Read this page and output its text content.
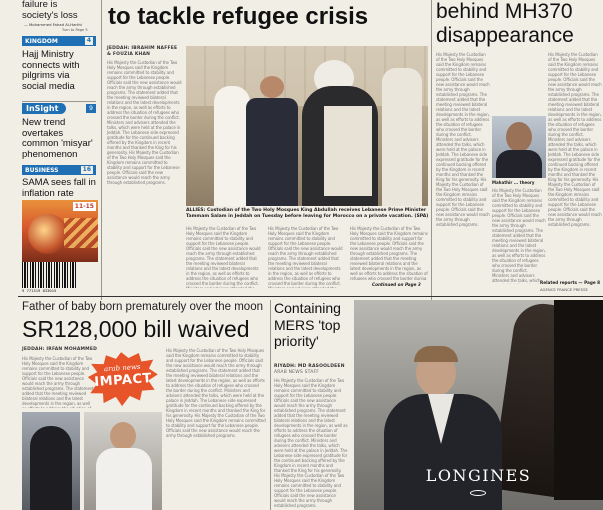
failure is
society's loss
— Mohammed Fahad Al-Harthi
Turn to Page 5
KINGDOM	4
Hajj Ministry
connects with
pilgrims via
social media
InSight	9
New trend
overtakes
common 'misyar'
phenomenon
BUSINESS	16
SAMA sees fall in
inflation rate
11-15
9 771319 833015
to tackle refugee crisis
JEDDAH: IBRAHIM NAFFEE
& FOUZIA KHAN
His Majesty the Custodian of the Two Holy Mosques said the Kingdom remains committed to stability and support for the Lebanese people. Officials said the new assistance would reach the army through established programs. The statement added that the meeting reviewed bilateral relations and the latest developments in the region, as well as efforts to address the situation of refugees who crossed the border during the conflict. Ministers and advisers attended the talks, which were held at the palace in Jeddah. The Lebanese side expressed gratitude for the continued backing offered by the Kingdom in recent months and thanked the King for his generosity. His Majesty the Custodian of the Two Holy Mosques said the Kingdom remains committed to stability and support for the Lebanese people. Officials said the new assistance would reach the army through established programs.
ALLIES: Custodian of the Two Holy Mosques King Abdullah receives Lebanese Prime Minister Tammam Salam in Jeddah on Tuesday before leaving for Morocco on a private vacation. (SPA)
His Majesty the Custodian of the Two Holy Mosques said the Kingdom remains committed to stability and support for the Lebanese people. Officials said the new assistance would reach the army through established programs. The statement added that the meeting reviewed bilateral relations and the latest developments in the region, as well as efforts to address the situation of refugees who crossed the border during the conflict. Ministers and advisers attended the talks, which were held at the palace in Jeddah. The Lebanese side expressed gratitude for the continued backing offered by the Kingdom in recent months and thanked the King for his generosity. His Majesty the Custodian of the Two Holy Mosques said the Kingdom remains committed to stability and support for the Lebanese people. Officials said the new assistance would reach the army through established programs.
His Majesty the Custodian of the Two Holy Mosques said the Kingdom remains committed to stability and support for the Lebanese people. Officials said the new assistance would reach the army through established programs. The statement added that the meeting reviewed bilateral relations and the latest developments in the region, as well as efforts to address the situation of refugees who crossed the border during the conflict. Ministers and advisers attended the talks, which were held at the palace in Jeddah. The Lebanese side expressed gratitude for the continued backing offered by the Kingdom in recent months and thanked the King for his generosity. His Majesty the Custodian of the Two Holy Mosques said the Kingdom remains committed to stability and support for the Lebanese people. Officials said the new assistance would reach the army through established programs.
His Majesty the Custodian of the Two Holy Mosques said the Kingdom remains committed to stability and support for the Lebanese people. Officials said the new assistance would reach the army through established programs. The statement added that the meeting reviewed bilateral relations and the latest developments in the region, as well as efforts to address the situation of refugees who crossed the border during the conflict. Ministers and advisers attended the talks, which were held at the palace in Jeddah. The Lebanese side expressed gratitude for the continued backing offered by the Kingdom in recent months and thanked the King for his generosity. His Majesty the Custodian of the Two Holy Mosques said the Kingdom remains committed to stability and support for the Lebanese people. Officials said the new assistance would reach the army through established programs.
Continued on Page 3
behind MH370
disappearance
His Majesty the Custodian of the Two Holy Mosques said the Kingdom remains committed to stability and support for the Lebanese people. Officials said the new assistance would reach the army through established programs. The statement added that the meeting reviewed bilateral relations and the latest developments in the region, as well as efforts to address the situation of refugees who crossed the border during the conflict. Ministers and advisers attended the talks, which were held at the palace in Jeddah. The Lebanese side expressed gratitude for the continued backing offered by the Kingdom in recent months and thanked the King for his generosity. His Majesty the Custodian of the Two Holy Mosques said the Kingdom remains committed to stability and support for the Lebanese people. Officials said the new assistance would reach the army through established programs.
His Majesty the Custodian of the Two Holy Mosques said the Kingdom remains committed to stability and support for the Lebanese people. Officials said the new assistance would reach the army through established programs. The statement added that the meeting reviewed bilateral relations and the latest developments in the region, as well as efforts to address the situation of refugees who crossed the border during the conflict. Ministers and advisers attended the talks, which were held at the palace in Jeddah. The Lebanese side expressed gratitude for the continued backing offered by the Kingdom in recent months and thanked the King for his generosity. His Majesty the Custodian of the Two Holy Mosques said the Kingdom remains committed to stability and support for the Lebanese people. Officials said the new assistance would reach the army through established programs.
Mahathir ... theory
His Majesty the Custodian of the Two Holy Mosques said the Kingdom remains committed to stability and support for the Lebanese people. Officials said the new assistance would reach the army through established programs. The statement added that the meeting reviewed bilateral relations and the latest developments in the region, as well as efforts to address the situation of refugees who crossed the border during the conflict. Ministers and advisers attended the talks, which were held at the palace in Jeddah. The Lebanese side expressed gratitude for the continued backing offered by the Kingdom in recent months and thanked the King for his generosity. His Majesty the Custodian of the Two Holy Mosques said the Kingdom remains committed to stability and support for the Lebanese people. Officials said the new assistance would reach the army through established programs.
Related reports — Page 8
AGENCE FRANCE PRESSE
Father of baby born prematurely over the moon
SR128,000 bill waived
JEDDAH: IRFAN MOHAMMED
His Majesty the Custodian of the Two Holy Mosques said the Kingdom remains committed to stability and support for the Lebanese people. Officials said the new assistance would reach the army through established programs. The statement added that the meeting reviewed bilateral relations and the latest developments in the region, as well as efforts to address the situation of refugees who crossed the border during the conflict. Ministers and advisers attended the talks, which were held at the palace in Jeddah. The Lebanese side expressed gratitude for the continued backing offered by the Kingdom in recent months and thanked the King for his generosity. His Majesty the Custodian of the Two Holy Mosques said the Kingdom remains committed to stability and support for the Lebanese people. Officials said the new assistance would reach the army through established programs.
arab news
IMPACT
His Majesty the Custodian of the Two Holy Mosques said the Kingdom remains committed to stability and support for the Lebanese people. Officials said the new assistance would reach the army through established programs. The statement added that the meeting reviewed bilateral relations and the latest developments in the region, as well as efforts to address the situation of refugees who crossed the border during the conflict. Ministers and advisers attended the talks, which were held at the palace in Jeddah. The Lebanese side expressed gratitude for the continued backing offered by the Kingdom in recent months and thanked the King for his generosity. His Majesty the Custodian of the Two Holy Mosques said the Kingdom remains committed to stability and support for the Lebanese people. Officials said the new assistance would reach the army through established programs.
Containing
MERS 'top
priority'
RIYADH: MD RASOOLDEEN
ARAB NEWS STAFF
His Majesty the Custodian of the Two Holy Mosques said the Kingdom remains committed to stability and support for the Lebanese people. Officials said the new assistance would reach the army through established programs. The statement added that the meeting reviewed bilateral relations and the latest developments in the region, as well as efforts to address the situation of refugees who crossed the border during the conflict. Ministers and advisers attended the talks, which were held at the palace in Jeddah. The Lebanese side expressed gratitude for the continued backing offered by the Kingdom in recent months and thanked the King for his generosity. His Majesty the Custodian of the Two Holy Mosques said the Kingdom remains committed to stability and support for the Lebanese people. Officials said the new assistance would reach the army through established programs.
LONGINES
